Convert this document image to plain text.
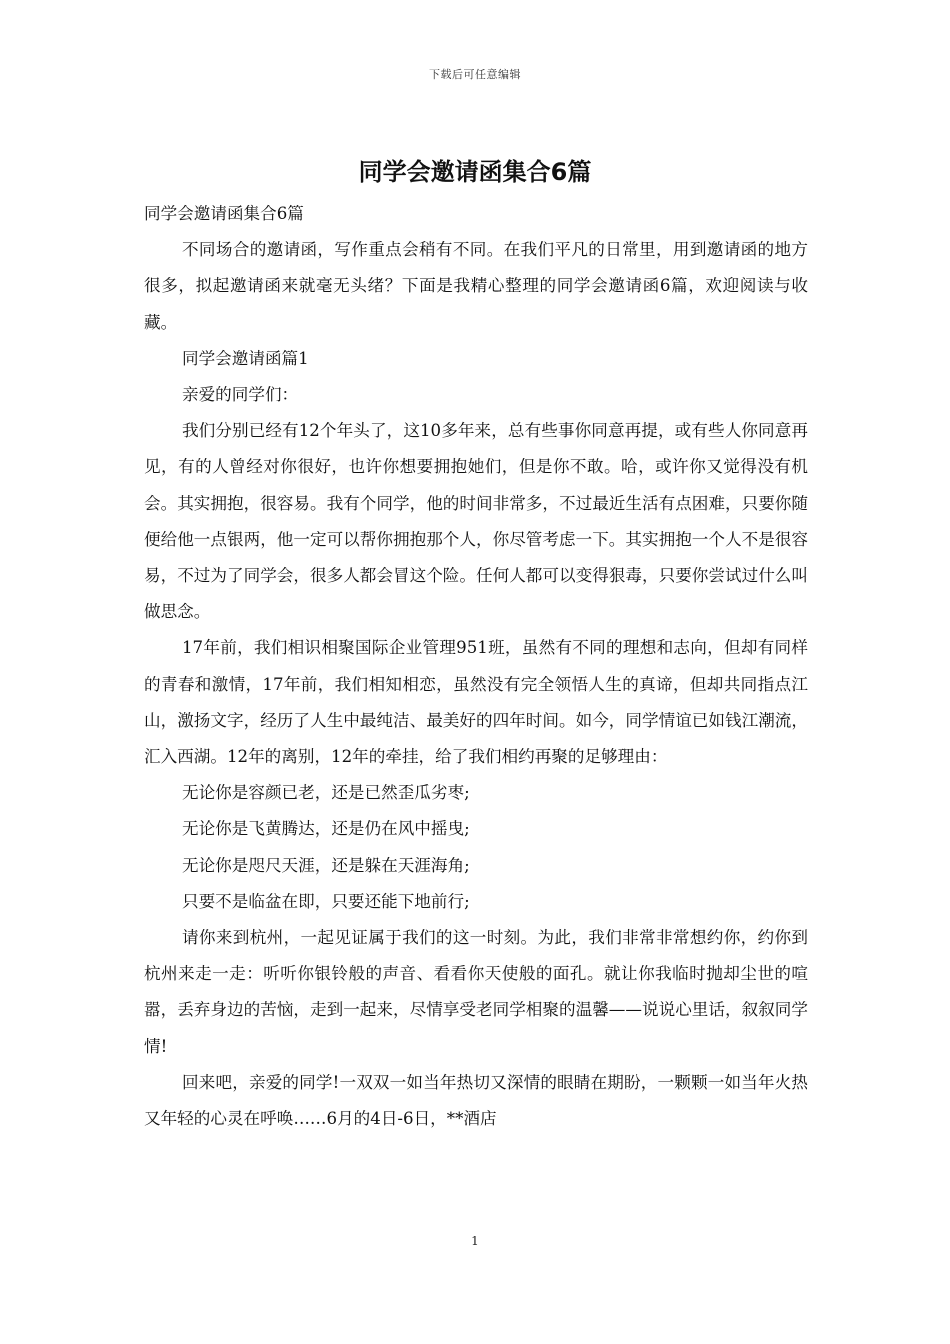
下载后可任意编辑
同学会邀请函集合6篇

同学会邀请函集合6篇

不同场合的邀请函，写作重点会稍有不同。在我们平凡的日常里，用到邀请函的地方很多，拟起邀请函来就毫无头绪？下面是我精心整理的同学会邀请函6篇，欢迎阅读与收藏。

同学会邀请函篇1

亲爱的同学们：

我们分别已经有12个年头了，这10多年来，总有些事你同意再提，或有些人你同意再见，有的人曾经对你很好，也许你想要拥抱她们，但是你不敢。哈，或许你又觉得没有机会。其实拥抱，很容易。我有个同学，他的时间非常多，不过最近生活有点困难，只要你随便给他一点银两，他一定可以帮你拥抱那个人，你尽管考虑一下。其实拥抱一个人不是很容易，不过为了同学会，很多人都会冒这个险。任何人都可以变得狠毒，只要你尝试过什么叫做思念。

17年前，我们相识相聚国际企业管理951班，虽然有不同的理想和志向，但却有同样的青春和激情，17年前，我们相知相恋，虽然没有完全领悟人生的真谛，但却共同指点江山，激扬文字，经历了人生中最纯洁、最美好的四年时间。如今，同学情谊已如钱江潮流，汇入西湖。12年的离别，12年的牵挂，给了我们相约再聚的足够理由：

无论你是容颜已老，还是已然歪瓜劣枣;

无论你是飞黄腾达，还是仍在风中摇曳;

无论你是咫尺天涯，还是躲在天涯海角;

只要不是临盆在即，只要还能下地前行;

请你来到杭州，一起见证属于我们的这一时刻。为此，我们非常非常想约你，约你到杭州来走一走：听听你银铃般的声音、看看你天使般的面孔。就让你我临时抛却尘世的喧嚣，丢弃身边的苦恼，走到一起来，尽情享受老同学相聚的温馨——说说心里话，叙叙同学情!

回来吧，亲爱的同学!一双双一如当年热切又深情的眼睛在期盼，一颗颗一如当年火热又年轻的心灵在呼唤……6月的4日-6日，**酒店

1
